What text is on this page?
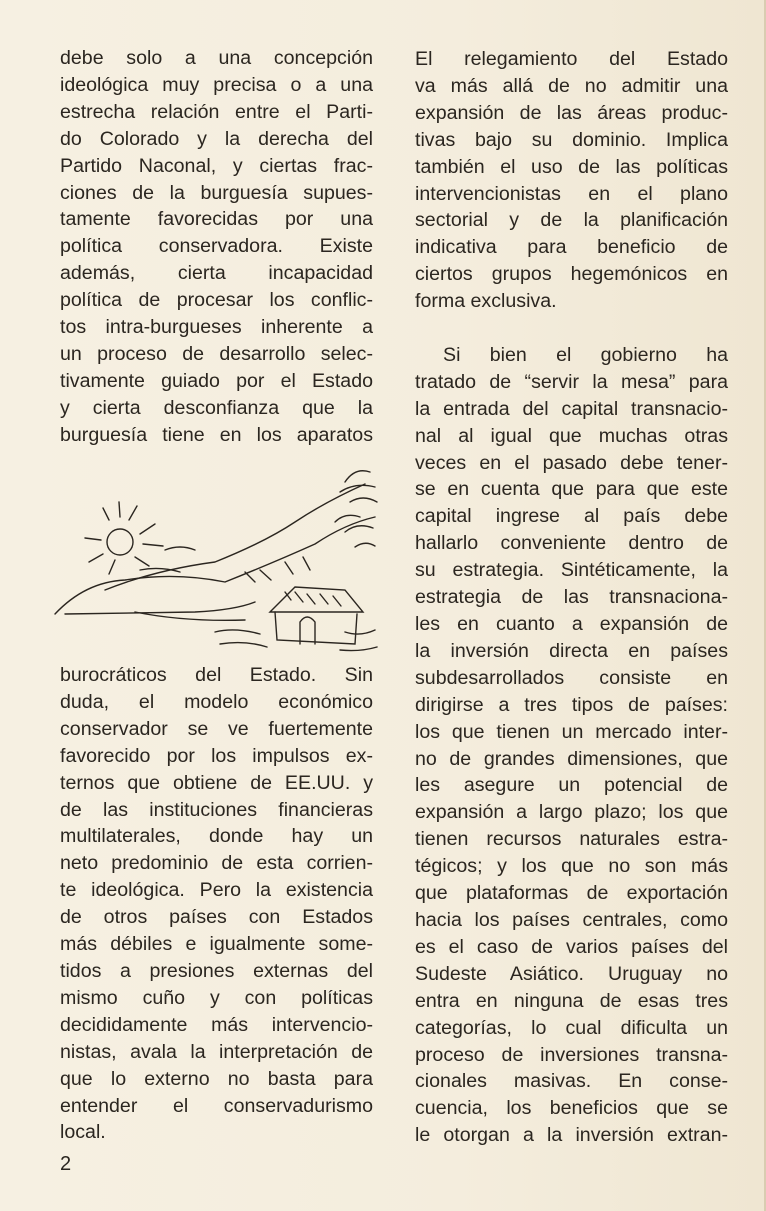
debe solo a una concepción
ideológica muy precisa o a una
estrecha relación entre el Parti-
do Colorado y la derecha del
Partido Naconal, y ciertas frac-
ciones de la burguesía supues-
tamente favorecidas por una
política conservadora. Existe
además, cierta incapacidad
política de procesar los conflic-
tos intra-burgueses inherente a
un proceso de desarrollo selec-
tivamente guiado por el Estado
y cierta desconfianza que la
burguesía tiene en los aparatos
burocráticos del Estado. Sin
duda, el modelo económico
conservador se ve fuertemente
favorecido por los impulsos ex-
ternos que obtiene de EE.UU. y
de las instituciones financieras
multilaterales, donde hay un
neto predominio de esta corrien-
te ideológica. Pero la existencia
de otros países con Estados
más débiles e igualmente some-
tidos a presiones externas del
mismo cuño y con políticas
decididamente más intervencio-
nistas, avala la interpretación de
que lo externo no basta para
entender el conservadurismo
local.
El relegamiento del Estado
va más allá de no admitir una
expansión de las áreas produc-
tivas bajo su dominio. Implica
también el uso de las políticas
intervencionistas en el plano
sectorial y de la planificación
indicativa para beneficio de
ciertos grupos hegemónicos en
forma exclusiva.
Si bien el gobierno ha
tratado de “servir la mesa” para
la entrada del capital transnacio-
nal al igual que muchas otras
veces en el pasado debe tener-
se en cuenta que para que este
capital ingrese al país debe
hallarlo conveniente dentro de
su estrategia. Sintéticamente, la
estrategia de las transnaciona-
les en cuanto a expansión de
la inversión directa en países
subdesarrollados consiste en
dirigirse a tres tipos de países:
los que tienen un mercado inter-
no de grandes dimensiones, que
les asegure un potencial de
expansión a largo plazo; los que
tienen recursos naturales estra-
tégicos; y los que no son más
que plataformas de exportación
hacia los países centrales, como
es el caso de varios países del
Sudeste Asiático. Uruguay no
entra en ninguna de esas tres
categorías, lo cual dificulta un
proceso de inversiones transna-
cionales masivas. En conse-
cuencia, los beneficios que se
le otorgan a la inversión extran-
2
